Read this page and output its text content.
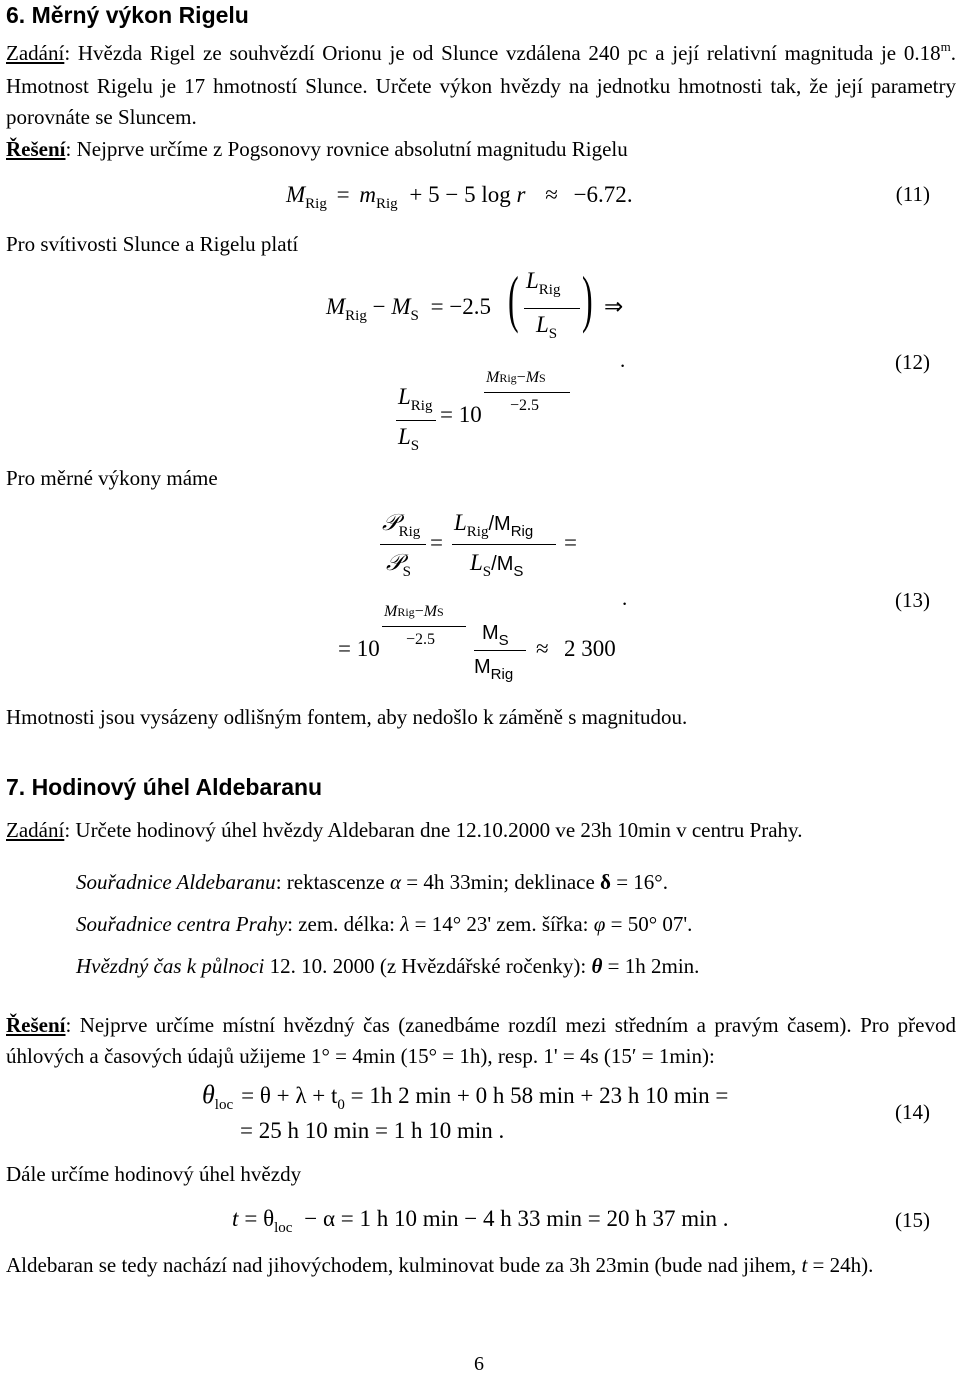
6. Měrný výkon Rigelu
Zadání: Hvězda Rigel ze souhvězdí Orionu je od Slunce vzdálena 240 pc a její relativní magnituda je 0.18$^m$. Hmotnost Rigelu je 17 hmotností Slunce. Určete výkon hvězdy na jednotku hmotnosti tak, že její parametry porovnáte se Sluncem.
Řešení: Nejprve určíme z Pogsonovy rovnice absolutní magnitudu Rigelu
$M_{Rig} = m_{Rig} + 5 - 5$ log r ≈ −6.72.	(11)
Pro svítivosti Slunce a Rigelu platí
$M_{Rig} - M_S = -2.5$ ( $L_{Rig}$
$L_S$ ) ⇒
$L_{Rig}$
$L_S$
= 10
MRig−MS
−2.5
.	(12)
Pro měrné výkony máme
𝒫$_{Rig}$
𝒫$_S$
=
$L_{Rig}/M_{Rig}$
$L_S/M_S$
=
= 10
MRig−MS
−2.5 $M_S$
$M_{Rig}$
≈ 2 300
.	(13)
Hmotnosti jsou vysázeny odlišným fontem, aby nedošlo k záměně s magnitudou.
7. Hodinový úhel Aldebaranu
Zadání: Určete hodinový úhel hvězdy Aldebaran dne 12.10.2000 ve 23h 10min v centru Prahy.
Souřadnice Aldebaranu: rektascenze α = 4h 33min; deklinace δ = 16°.
Souřadnice centra Prahy: zem. délka: λ = 14° 23' zem. šířka: φ = 50° 07'.
Hvězdný čas k půlnoci 12. 10. 2000 (z Hvězdářské ročenky): θ = 1h 2min.
Řešení: Nejprve určíme místní hvězdný čas (zanedbáme rozdíl mezi středním a pravým časem). Pro převod úhlových a časových údajů užijeme 1° = 4min (15° = 1h), resp. 1' = 4s (15′ = 1min):
$\theta_{loc} = \theta + \lambda + t_0 = 1h$ 2 min + 0 h 58 min + 23 h 10 min =
= 25 h 10 min = 1 h 10 min .
(14)
Dále určíme hodinový úhel hvězdy
$t = \theta_{loc} - \alpha = 1$ h 10 min − 4 h 33 min = 20 h 37 min .	(15)
Aldebaran se tedy nachází nad jihovýchodem, kulminovat bude za 3h 23min (bude nad jihem, t = 24h).
6
